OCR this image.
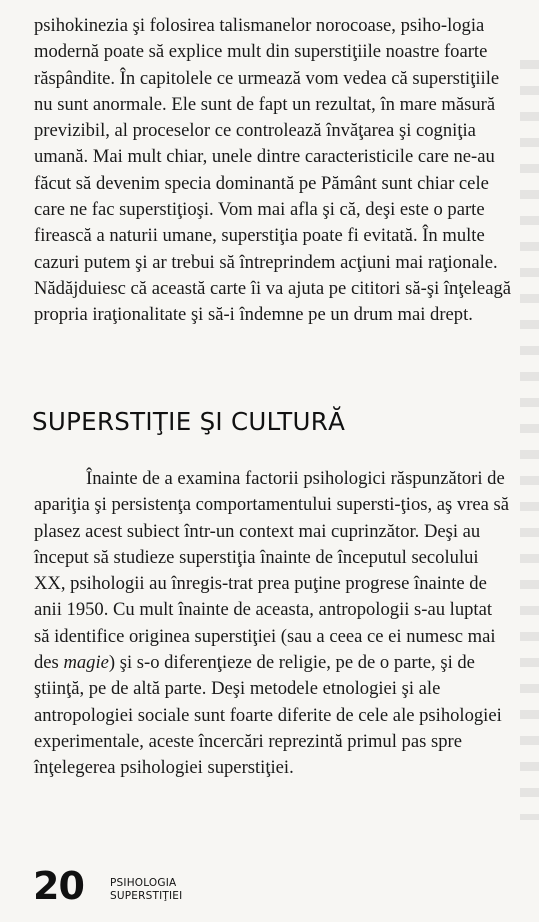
psihokinezia şi folosirea talismanelor norocoase, psiho-logia modernă poate să explice mult din superstiţiile noastre foarte răspândite. În capitolele ce urmează vom vedea că superstiţiile nu sunt anormale. Ele sunt de fapt un rezultat, în mare măsură previzibil, al proceselor ce controlează învăţarea şi cogniţia umană. Mai mult chiar, unele dintre caracteristicile care ne-au făcut să devenim specia dominantă pe Pământ sunt chiar cele care ne fac superstiţioşi. Vom mai afla şi că, deşi este o parte firească a naturii umane, superstiţia poate fi evitată. În multe cazuri putem şi ar trebui să întreprindem acţiuni mai raţionale. Nădăjduiesc că această carte îi va ajuta pe cititori să-şi înţeleagă propria iraţionalitate şi să-i îndemne pe un drum mai drept.

SUPERSTIŢIE ŞI CULTURĂ

Înainte de a examina factorii psihologici răspunzători de apariţia şi persistenţa comportamentului supersti-ţios, aş vrea să plasez acest subiect într-un context mai cuprinzător. Deşi au început să studieze superstiţia înainte de începutul secolului XX, psihologii au înregis-trat prea puţine progrese înainte de anii 1950. Cu mult înainte de aceasta, antropologii s-au luptat să identifice originea superstiţiei (sau a ceea ce ei numesc mai des magie) şi s-o diferenţieze de religie, pe de o parte, şi de ştiinţă, pe de altă parte. Deşi metodele etnologiei şi ale antropologiei sociale sunt foarte diferite de cele ale psihologiei experimentale, aceste încercări reprezintă primul pas spre înţelegerea psihologiei superstiţiei.

20 PSIHOLOGIA
SUPERSTIŢIEI
